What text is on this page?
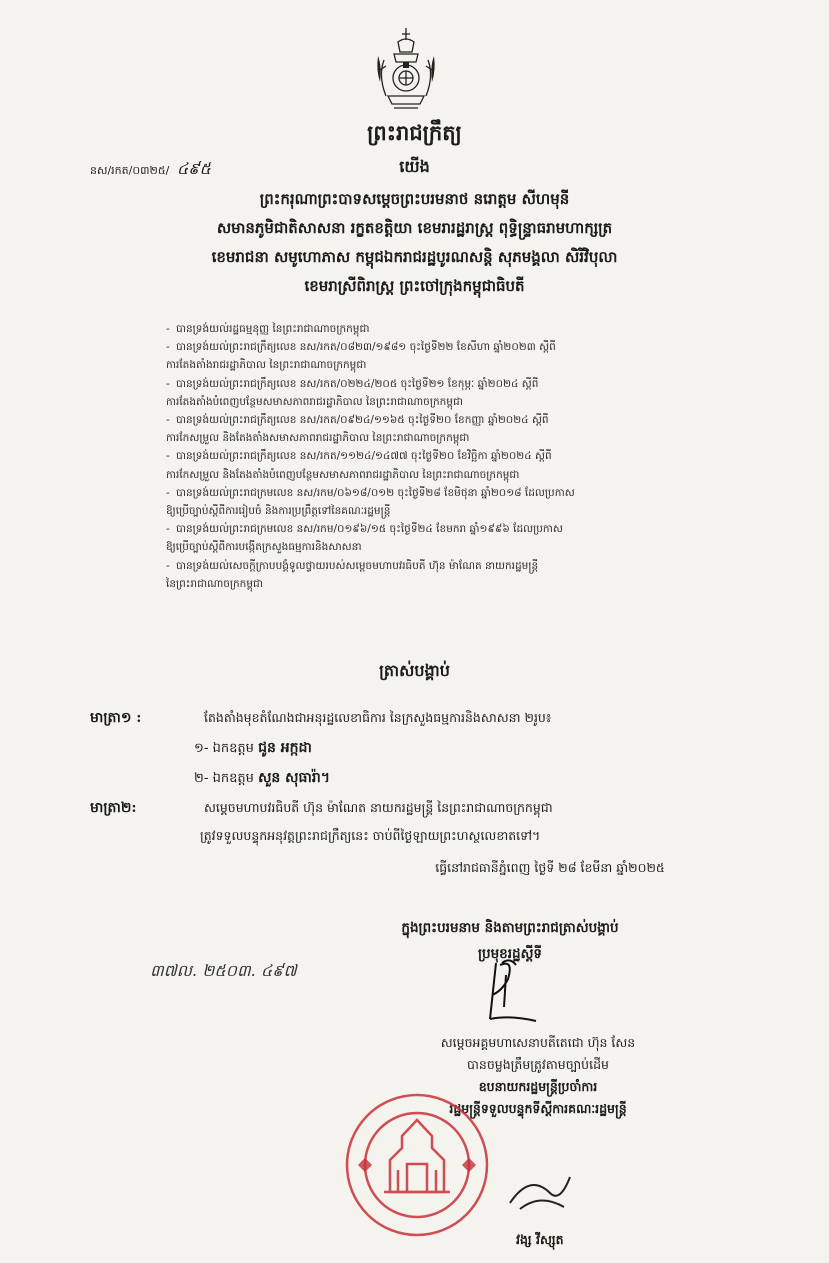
ព្រះរាជក្រឹត្យ
នស/រកត/០៣២៥/ ៤៩៥	យើង
ព្រះករុណាព្រះបាទសម្តេចព្រះបរមនាថ នរោត្តម សីហមុនី
សមានភូមិជាតិសាសនា រក្ខតខត្តិយា ខេមរារដ្ឋរាស្ត្រ ពុទ្ធិន្ទ្រាធរាមហាក្សត្រ
ខេមរាជនា សមូហោភាស កម្ពុជឯករាជរដ្ឋបូរណសន្តិ សុភមង្គលា សិរីវិបុលា
ខេមរាស្រីពិរាស្ត្រ ព្រះចៅក្រុងកម្ពុជាធិបតី

- បានទ្រង់យល់រដ្ឋធម្មនុញ្ញ នៃព្រះរាជាណាចក្រកម្ពុជា

- បានទ្រង់យល់ព្រះរាជក្រឹត្យលេខ នស/រកត/០៨២៣/១៩៨១ ចុះថ្ងៃទី២២ ខែសីហា ឆ្នាំ២០២៣ ស្តីពី
ការតែងតាំងរាជរដ្ឋាភិបាល នៃព្រះរាជាណាចក្រកម្ពុជា

- បានទ្រង់យល់ព្រះរាជក្រឹត្យលេខ នស/រកត/០២២៤/២០៥ ចុះថ្ងៃទី២១ ខែកុម្ភៈ ឆ្នាំ២០២៤ ស្តីពី
ការតែងតាំងបំពេញបន្ថែមសមាសភាពរាជរដ្ឋាភិបាល នៃព្រះរាជាណាចក្រកម្ពុជា

- បានទ្រង់យល់ព្រះរាជក្រឹត្យលេខ នស/រកត/០៩២៤/១១៦៥ ចុះថ្ងៃទី២០ ខែកញ្ញា ឆ្នាំ២០២៤ ស្តីពី
ការកែសម្រួល និងតែងតាំងសមាសភាពរាជរដ្ឋាភិបាល នៃព្រះរាជាណាចក្រកម្ពុជា

- បានទ្រង់យល់ព្រះរាជក្រឹត្យលេខ នស/រកត/១១២៤/១៤៧៧ ចុះថ្ងៃទី២០ ខែវិច្ឆិកា ឆ្នាំ២០២៤ ស្តីពី
ការកែសម្រួល និងតែងតាំងបំពេញបន្ថែមសមាសភាពរាជរដ្ឋាភិបាល នៃព្រះរាជាណាចក្រកម្ពុជា

- បានទ្រង់យល់ព្រះរាជក្រមលេខ នស/រកម/០៦១៨/០១២ ចុះថ្ងៃទី២៨ ខែមិថុនា ឆ្នាំ២០១៨ ដែលប្រកាស
ឱ្យប្រើច្បាប់ស្តីពីការរៀបចំ និងការប្រព្រឹត្តទៅនៃគណៈរដ្ឋមន្ត្រី

- បានទ្រង់យល់ព្រះរាជក្រមលេខ នស/រកម/០១៩៦/១៥ ចុះថ្ងៃទី២៤ ខែមករា ឆ្នាំ១៩៩៦ ដែលប្រកាស
ឱ្យប្រើច្បាប់ស្តីពីការបង្កើតក្រសួងធម្មការនិងសាសនា

- បានទ្រង់យល់សេចក្តីក្រាបបង្គំទូលថ្វាយរបស់សម្តេចមហាបវរធិបតី ហ៊ុន ម៉ាណែត នាយករដ្ឋមន្ត្រី
នៃព្រះរាជាណាចក្រកម្ពុជា

ត្រាស់បង្គាប់
មាត្រា១ :	តែងតាំងមុខតំណែងជាអនុរដ្ឋលេខាធិការ នៃក្រសួងធម្មការនិងសាសនា ២រូប៖
១- ឯកឧត្តម ជូន អក្កដា
២- ឯកឧត្តម សួន សុធារ៉ា។
មាត្រា២:	សម្តេចមហាបវរធិបតី ហ៊ុន ម៉ាណែត នាយករដ្ឋមន្ត្រី នៃព្រះរាជាណាចក្រកម្ពុជា
ត្រូវទទួលបន្ទុកអនុវត្តព្រះរាជក្រឹត្យនេះ ចាប់ពីថ្ងៃឡាយព្រះហស្ថលេខាតទៅ។
ធ្វើនៅរាជធានីភ្នំពេញ ថ្ងៃទី ២៨ ខែមីនា ឆ្នាំ២០២៥
ក្នុងព្រះបរមនាម និងតាមព្រះរាជត្រាស់បង្គាប់
ប្រមុខរដ្ឋស្តីទី
៣៧ល. ២៥០៣. ៤៩៧
សម្តេចអគ្គមហាសេនាបតីតេជោ ហ៊ុន សែន
បានចម្លងត្រឹមត្រូវតាមច្បាប់ដើម
ឧបនាយករដ្ឋមន្ត្រីប្រចាំការ
រដ្ឋមន្ត្រីទទួលបន្ទុកទីស្តីការគណៈរដ្ឋមន្ត្រី
វង្ស វីស្សុត
